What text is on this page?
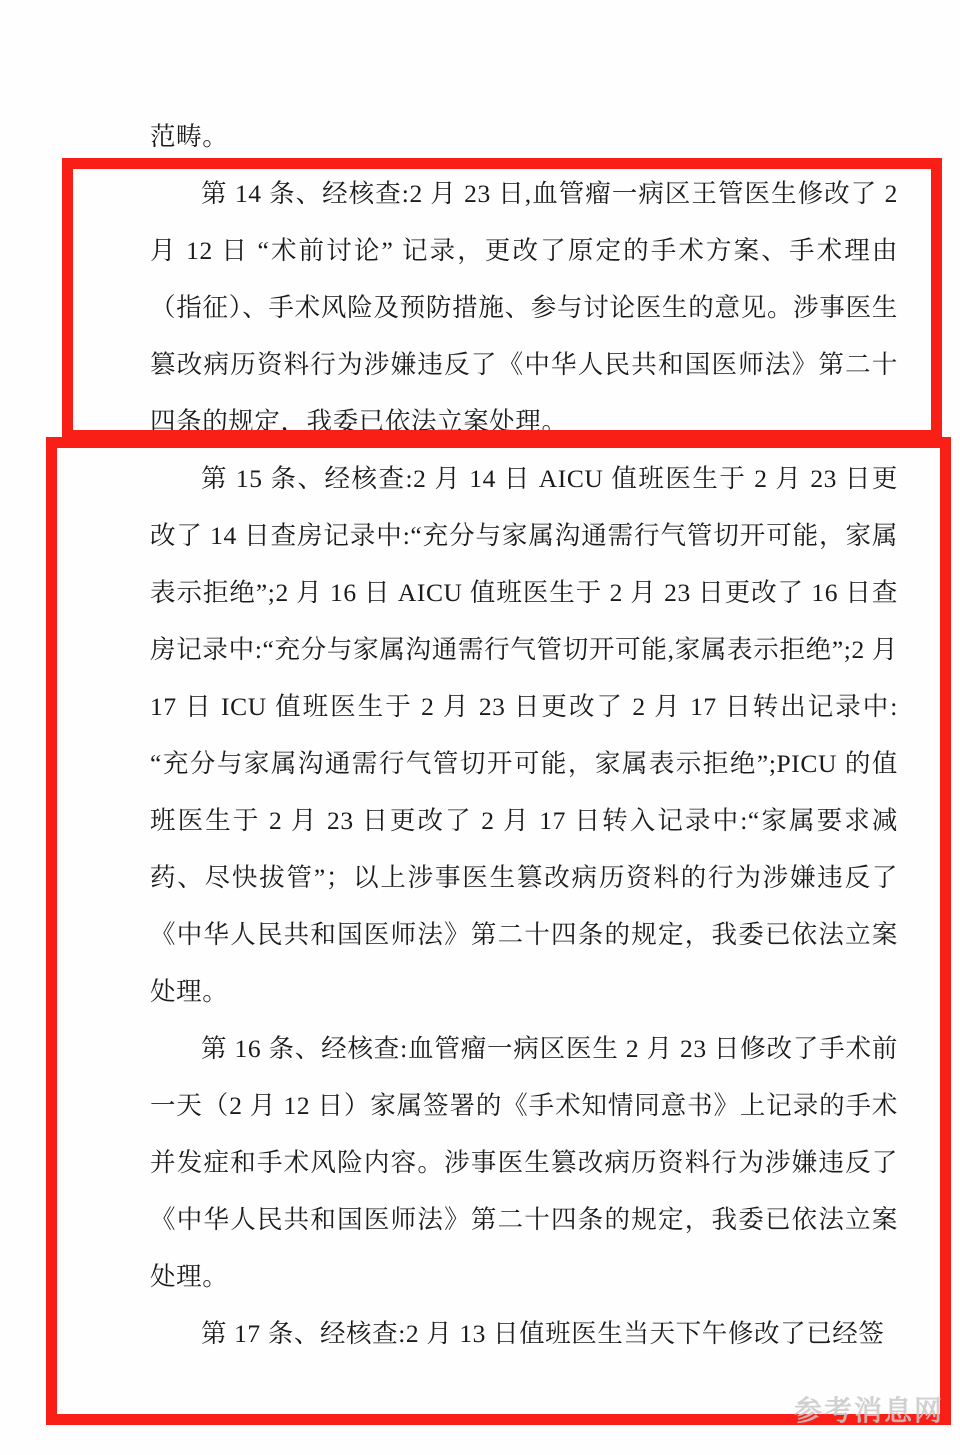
范畴。

第 14 条、经核查:2 月 23 日,血管瘤一病区王管医生修改了 2 月 12 日 “术前讨论” 记录，更改了原定的手术方案、手术理由（指征）、手术风险及预防措施、参与讨论医生的意见。涉事医生篡改病历资料行为涉嫌违反了《中华人民共和国医师法》第二十四条的规定，我委已依法立案处理。

第 15 条、经核查:2 月 14 日 AICU 值班医生于 2 月 23 日更改了 14 日查房记录中:“充分与家属沟通需行气管切开可能，家属表示拒绝”;2 月 16 日 AICU 值班医生于 2 月 23 日更改了 16 日查房记录中:“充分与家属沟通需行气管切开可能,家属表示拒绝”;2 月 17 日 ICU 值班医生于 2 月 23 日更改了 2 月 17 日转出记录中: “充分与家属沟通需行气管切开可能，家属表示拒绝”;PICU 的值班医生于 2 月 23 日更改了 2 月 17 日转入记录中:“家属要求减药、尽快拔管”；以上涉事医生篡改病历资料的行为涉嫌违反了《中华人民共和国医师法》第二十四条的规定，我委已依法立案处理。

第 16 条、经核查:血管瘤一病区医生 2 月 23 日修改了手术前一天（2 月 12 日）家属签署的《手术知情同意书》上记录的手术并发症和手术风险内容。涉事医生篡改病历资料行为涉嫌违反了《中华人民共和国医师法》第二十四条的规定，我委已依法立案处理。

第 17 条、经核查:2 月 13 日值班医生当天下午修改了已经签

参考消息网
